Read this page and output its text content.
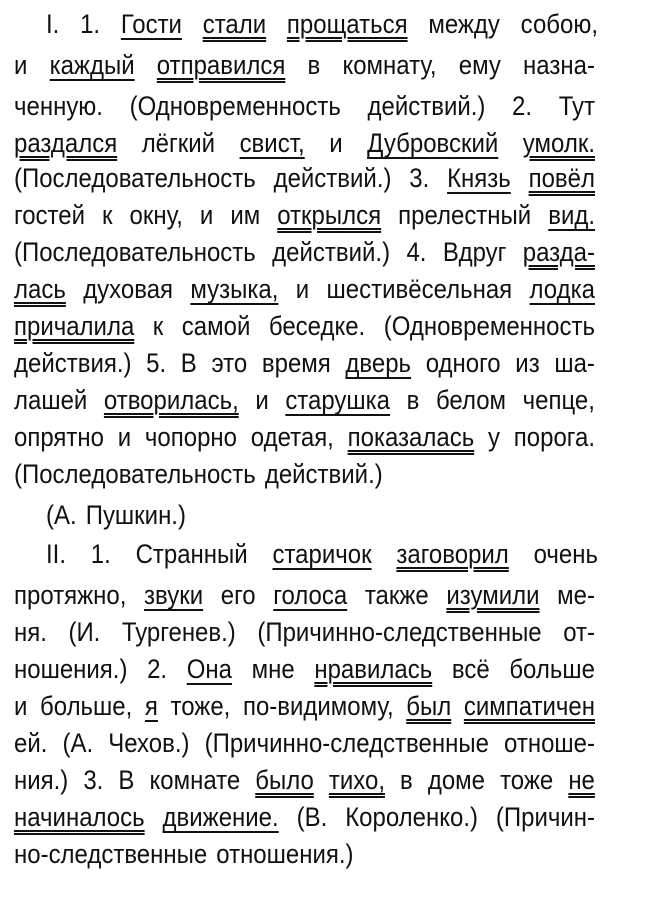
I. 1. Гости стали прощаться между собою,
и каждый отправился в комнату, ему назна-
ченную. (Одновременность действий.) 2. Тут
раздался лёгкий свист, и Дубровский умолк.
(Последовательность действий.) 3. Князь повёл
гостей к окну, и им открылся прелестный вид.
(Последовательность действий.) 4. Вдруг разда-
лась духовая музыка, и шестивёсельная лодка
причалила к самой беседке. (Одновременность
действия.) 5. В это время дверь одного из ша-
лашей отворилась, и старушка в белом чепце,
опрятно и чопорно одетая, показалась у порога.
(Последовательность действий.)
(А. Пушкин.)
II. 1. Странный старичок заговорил очень
протяжно, звуки его голоса также изумили ме-
ня. (И. Тургенев.) (Причинно-следственные от-
ношения.) 2. Она мне нравилась всё больше
и больше, я тоже, по-видимому, был симпатичен
ей. (А. Чехов.) (Причинно-следственные отноше-
ния.) 3. В комнате было тихо, в доме тоже не
начиналось движение. (В. Короленко.) (Причин-
но-следственные отношения.)
